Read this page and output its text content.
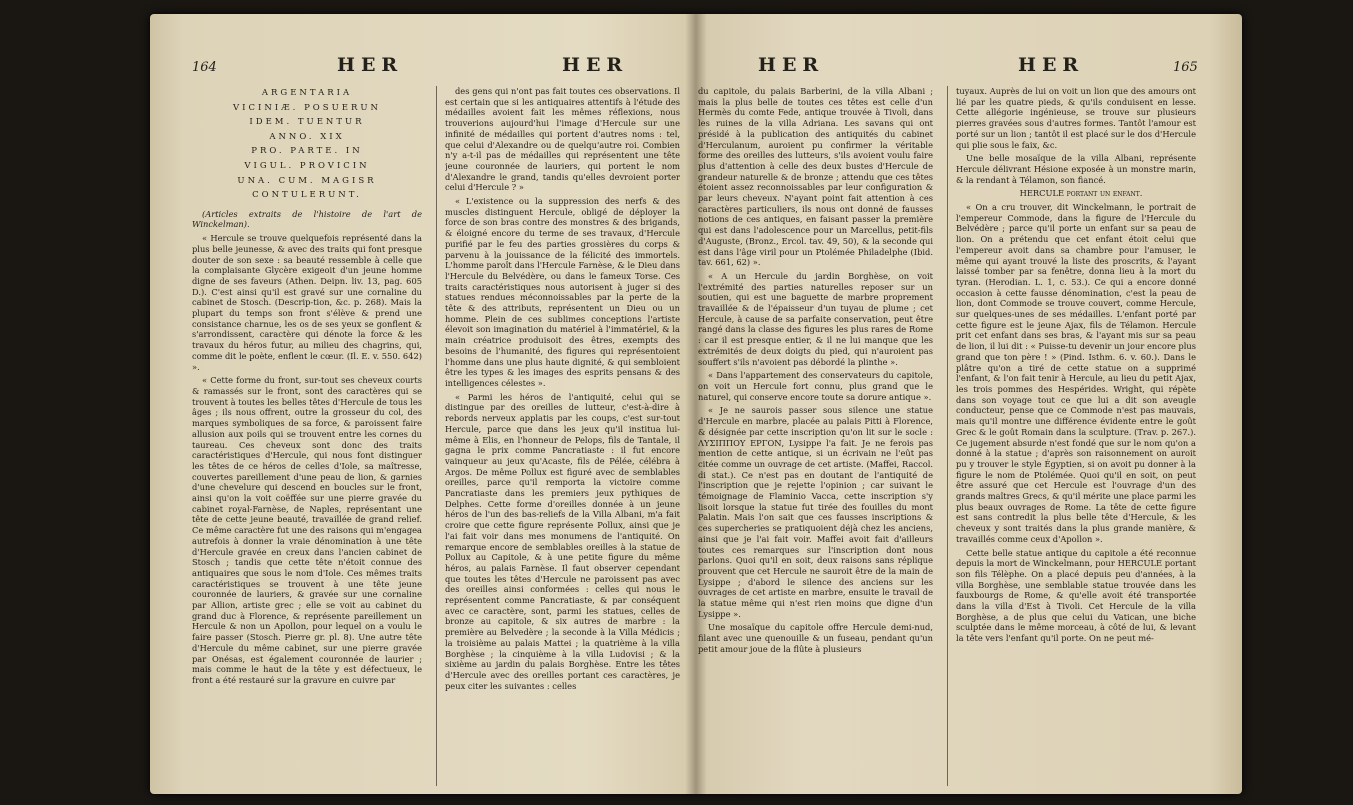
164	HER	HER
ARGENTARIA
VICINIÆ. POSUERUN
IDEM. TUENTUR
ANNO. XIX
PRO. PARTE. IN
VIGUL. PROVICIN
UNA. CUM. MAGISR
CONTULERUNT.

(Articles extraits de l'histoire de l'art de Winckelman).

« Hercule se trouve quelquefois représenté dans la plus belle jeunesse, & avec des traits qui font presque douter de son sexe : sa beauté ressemble à celle que la complaisante Glycère exigeoit d'un jeune homme digne de ses faveurs (Athen. Deipn. liv. 13, pag. 605 D.). C'est ainsi qu'il est gravé sur une cornaline du cabinet de Stosch. (Descrip-tion, &c. p. 268). Mais la plupart du temps son front s'élève & prend une consistance charnue, les os de ses yeux se gonflent & s'arrondissent, caractère qui dénote la force & les travaux du héros futur, au milieu des chagrins, qui, comme dit le poète, enflent le cœur. (Il. E. v. 550. 642) ».

« Cette forme du front, sur-tout ses cheveux courts & ramassés sur le front, sont des caractères qui se trouvent à toutes les belles têtes d'Hercule de tous les âges ; ils nous offrent, outre la grosseur du col, des marques symboliques de sa force, & paroissent faire allusion aux poils qui se trouvent entre les cornes du taureau. Ces cheveux sont donc des traits caractéristiques d'Hercule, qui nous font distinguer les têtes de ce héros de celles d'Iole, sa maîtresse, couvertes pareillement d'une peau de lion, & garnies d'une chevelure qui descend en boucles sur le front, ainsi qu'on la voit coëffée sur une pierre gravée du cabinet royal-Farnèse, de Naples, représentant une tête de cette jeune beauté, travaillée de grand relief. Ce même caractère fut une des raisons qui m'engagea autrefois à donner la vraie dénomination à une tête d'Hercule gravée en creux dans l'ancien cabinet de Stosch ; tandis que cette tête n'étoit connue des antiquaires que sous le nom d'Iole. Ces mêmes traits caractéristiques se trouvent à une tête jeune couronnée de lauriers, & gravée sur une cornaline par Allion, artiste grec ; elle se voit au cabinet du grand duc à Florence, & représente pareillement un Hercule & non un Apollon, pour lequel on a voulu le faire passer (Stosch. Pierre gr. pl. 8). Une autre tête d'Hercule du même cabinet, sur une pierre gravée par Onésas, est également couronnée de laurier ; mais comme le haut de la tête y est défectueux, le front a été restauré sur la gravure en cuivre par

des gens qui n'ont pas fait toutes ces observations. Il est certain que si les antiquaires attentifs à l'étude des médailles avoient fait les mêmes réflexions, nous trouverions aujourd'hui l'image d'Hercule sur une infinité de médailles qui portent d'autres noms : tel, que celui d'Alexandre ou de quelqu'autre roi. Combien n'y a-t-il pas de médailles qui représentent une tête jeune couronnée de lauriers, qui portent le nom d'Alexandre le grand, tandis qu'elles devroient porter celui d'Hercule ? »

« L'existence ou la suppression des nerfs & des muscles distinguent Hercule, obligé de déployer la force de son bras contre des monstres & des brigands, & éloigné encore du terme de ses travaux, d'Hercule purifié par le feu des parties grossières du corps & parvenu à la jouissance de la félicité des immortels. L'homme paroît dans l'Hercule Farnèse, & le Dieu dans l'Hercule du Belvédère, ou dans le fameux Torse. Ces traits caractéristiques nous autorisent à juger si des statues rendues méconnoissables par la perte de la tête & des attributs, représentent un Dieu ou un homme. Plein de ces sublimes conceptions l'artiste élevoit son imagination du matériel à l'immatériel, & la main créatrice produisoit des êtres, exempts des besoins de l'humanité, des figures qui représentoient l'homme dans une plus haute dignité, & qui sembloient être les types & les images des esprits pensans & des intelligences célestes ».

« Parmi les héros de l'antiquité, celui qui se distingue par des oreilles de lutteur, c'est-à-dire à rebords nerveux applatis par les coups, c'est sur-tout Hercule, parce que dans les jeux qu'il institua lui-même à Elis, en l'honneur de Pelops, fils de Tantale, il gagna le prix comme Pancratiaste : il fut encore vainqueur au jeux qu'Acaste, fils de Pélée, célébra à Argos. De même Pollux est figuré avec de semblables oreilles, parce qu'il remporta la victoire comme Pancratiaste dans les premiers jeux pythiques de Delphes. Cette forme d'oreilles donnée à un jeune héros de l'un des bas-reliefs de la Villa Albani, m'a fait croire que cette figure représente Pollux, ainsi que je l'ai fait voir dans mes monumens de l'antiquité. On remarque encore de semblables oreilles à la statue de Pollux au Capitole, & à une petite figure du même héros, au palais Farnèse. Il faut observer cependant que toutes les têtes d'Hercule ne paroissent pas avec des oreilles ainsi conformées : celles qui nous le représentent comme Pancratiaste, & par conséquent avec ce caractère, sont, parmi les statues, celles de bronze au capitole, & six autres de marbre : la première au Belvedère ; la seconde à la Villa Médicis ; la troisième au palais Mattei ; la quatrième à la villa Borghèse ; la cinquième à la villa Ludovisi ; & la sixième au jardin du palais Borghèse. Entre les têtes d'Hercule avec des oreilles portant ces caractères, je peux citer les suivantes : celles

HER	HER	165

du capitole, du palais Barberini, de la villa Albani ; mais la plus belle de toutes ces têtes est celle d'un Hermès du comte Fede, antique trouvée à Tivoli, dans les ruines de la villa Adriana. Les savans qui ont présidé à la publication des antiquités du cabinet d'Herculanum, auroient pu confirmer la véritable forme des oreilles des lutteurs, s'ils avoient voulu faire plus d'attention à celle des deux bustes d'Hercule de grandeur naturelle & de bronze ; attendu que ces têtes étoient assez reconnoissables par leur configuration & par leurs cheveux. N'ayant point fait attention à ces caractères particuliers, ils nous ont donné de fausses notions de ces antiques, en faisant passer la première qui est dans l'adolescence pour un Marcellus, petit-fils d'Auguste, (Bronz., Ercol. tav. 49, 50), & la seconde qui est dans l'âge viril pour un Ptolémée Philadelphe (Ibid. tav. 661, 62) ».

« A un Hercule du jardin Borghèse, on voit l'extrémité des parties naturelles reposer sur un soutien, qui est une baguette de marbre proprement travaillée & de l'épaisseur d'un tuyau de plume ; cet Hercule, à cause de sa parfaite conservation, peut être rangé dans la classe des figures les plus rares de Rome : car il est presque entier, & il ne lui manque que les extrémités de deux doigts du pied, qui n'auroient pas souffert s'ils n'avoient pas débordé la plinthe ».

« Dans l'appartement des conservateurs du capitole, on voit un Hercule fort connu, plus grand que le naturel, qui conserve encore toute sa dorure antique ».

« Je ne saurois passer sous silence une statue d'Hercule en marbre, placée au palais Pitti à Florence, & désignée par cette inscription qu'on lit sur le socle : ΛΥΣΙΠΠΟΥ ΕΡΓΟΝ, Lysippe l'a fait. Je ne ferois pas mention de cette antique, si un écrivain ne l'eût pas citée comme un ouvrage de cet artiste. (Maffei, Raccol. di stat.). Ce n'est pas en doutant de l'antiquité de l'inscription que je rejette l'opinion ; car suivant le témoignage de Flaminio Vacca, cette inscription s'y lisoit lorsque la statue fut tirée des fouilles du mont Palatin. Mais l'on sait que ces fausses inscriptions & ces supercheries se pratiquoient déjà chez les anciens, ainsi que je l'ai fait voir. Maffei avoit fait d'ailleurs toutes ces remarques sur l'inscription dont nous parlons. Quoi qu'il en soit, deux raisons sans réplique prouvent que cet Hercule ne sauroit être de la main de Lysippe ; d'abord le silence des anciens sur les ouvrages de cet artiste en marbre, ensuite le travail de la statue même qui n'est rien moins que digne d'un Lysippe ».

Une mosaïque du capitole offre Hercule demi-nud, filant avec une quenouille & un fuseau, pendant qu'un petit amour joue de la flûte à plusieurs

tuyaux. Auprès de lui on voit un lion que des amours ont lié par les quatre pieds, & qu'ils conduisent en lesse. Cette allégorie ingénieuse, se trouve sur plusieurs pierres gravées sous d'autres formes. Tantôt l'amour est porté sur un lion ; tantôt il est placé sur le dos d'Hercule qui plie sous le faix, &c.

Une belle mosaïque de la villa Albani, représente Hercule délivrant Hésione exposée à un monstre marin, & la rendant à Télamon, son fiancé.

HERCULE portant un enfant.

« On a cru trouver, dit Winckelmann, le portrait de l'empereur Commode, dans la figure de l'Hercule du Belvédère ; parce qu'il porte un enfant sur sa peau de lion. On a prétendu que cet enfant étoit celui que l'empereur avoit dans sa chambre pour l'amuser, le même qui ayant trouvé la liste des proscrits, & l'ayant laissé tomber par sa fenêtre, donna lieu à la mort du tyran. (Herodian. L. 1, c. 53.). Ce qui a encore donné occasion à cette fausse dénomination, c'est la peau de lion, dont Commode se trouve couvert, comme Hercule, sur quelques-unes de ses médailles. L'enfant porté par cette figure est le jeune Ajax, fils de Télamon. Hercule prit cet enfant dans ses bras, & l'ayant mis sur sa peau de lion, il lui dit : « Puisse-tu devenir un jour encore plus grand que ton père ! » (Pind. Isthm. 6. v. 60.). Dans le plâtre qu'on a tiré de cette statue on a supprimé l'enfant, & l'on fait tenir à Hercule, au lieu du petit Ajax, les trois pommes des Hespérides. Wright, qui répète dans son voyage tout ce que lui a dit son aveugle conducteur, pense que ce Commode n'est pas mauvais, mais qu'il montre une différence évidente entre le goût Grec & le goût Romain dans la sculpture. (Trav. p. 267.). Ce jugement absurde n'est fondé que sur le nom qu'on a donné à la statue ; d'après son raisonnement on auroit pu y trouver le style Égyptien, si on avoit pu donner à la figure le nom de Ptolémée. Quoi qu'il en soit, on peut être assuré que cet Hercule est l'ouvrage d'un des grands maîtres Grecs, & qu'il mérite une place parmi les plus beaux ouvrages de Rome. La tête de cette figure est sans contredit la plus belle tête d'Hercule, & les cheveux y sont traités dans la plus grande manière, & travaillés comme ceux d'Apollon ».

Cette belle statue antique du capitole a été reconnue depuis la mort de Winckelmann, pour HERCULE portant son fils Télèphe. On a placé depuis peu d'années, à la villa Borghèse, une semblable statue trouvée dans les fauxbourgs de Rome, & qu'elle avoit été transportée dans la villa d'Est à Tivoli. Cet Hercule de la villa Borghèse, a de plus que celui du Vatican, une biche sculptée dans le même morceau, à côté de lui, & levant la tête vers l'enfant qu'il porte. On ne peut mé-
